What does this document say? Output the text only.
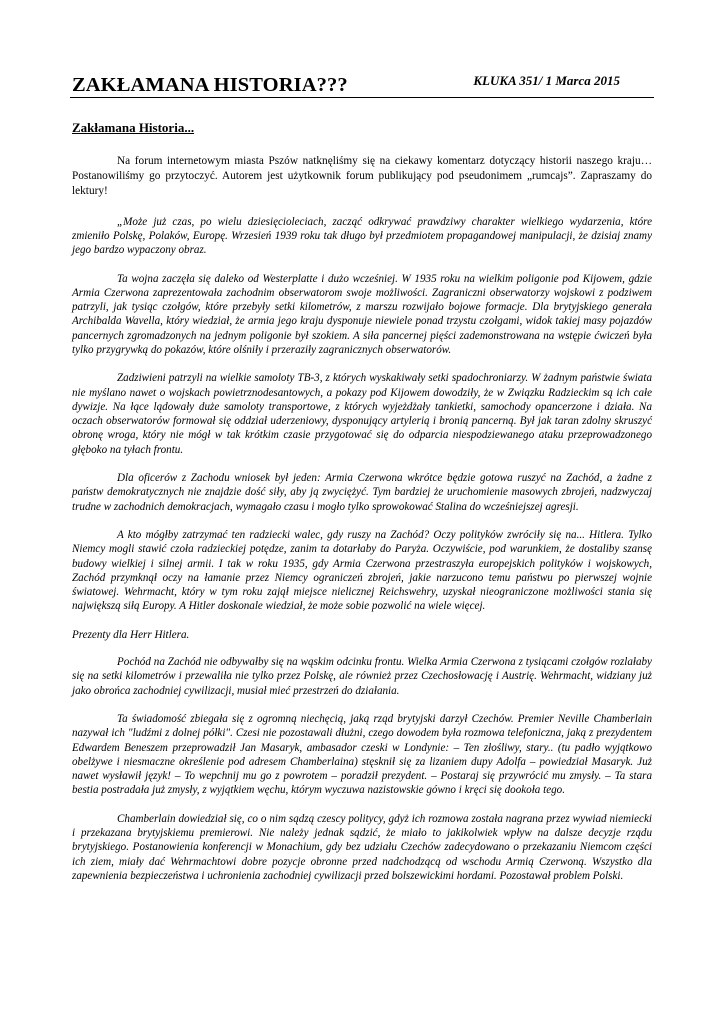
ZAKŁAMANA HISTORIA???	KLUKA 351/ 1 Marca 2015
Zakłamana Historia...

Na forum internetowym miasta Pszów natknęliśmy się na ciekawy komentarz dotyczący historii naszego kraju… Postanowiliśmy go przytoczyć. Autorem jest użytkownik forum publikujący pod pseudonimem „rumcajs”. Zapraszamy do lektury!

„Może już czas, po wielu dziesięcioleciach, zacząć odkrywać prawdziwy charakter wielkiego wydarzenia, które zmieniło Polskę, Polaków, Europę. Wrzesień 1939 roku tak długo był przedmiotem propagandowej manipulacji, że dzisiaj znamy jego bardzo wypaczony obraz.

Ta wojna zaczęła się daleko od Westerplatte i dużo wcześniej. W 1935 roku na wielkim poligonie pod Kijowem, gdzie Armia Czerwona zaprezentowała zachodnim obserwatorom swoje możliwości. Zagraniczni obserwatorzy wojskowi z podziwem patrzyli, jak tysiąc czołgów, które przebyły setki kilometrów, z marszu rozwijało bojowe formacje. Dla brytyjskiego generała Archibalda Wavella, który wiedział, że armia jego kraju dysponuje niewiele ponad trzystu czołgami, widok takiej masy pojazdów pancernych zgromadzonych na jednym poligonie był szokiem. A siła pancernej pięści zademonstrowana na wstępie ćwiczeń była tylko przygrywką do pokazów, które olśniły i przeraziły zagranicznych obserwatorów.

Zadziwieni patrzyli na wielkie samoloty TB-3, z których wyskakiwały setki spadochroniarzy. W żadnym państwie świata nie myślano nawet o wojskach powietrznodesantowych, a pokazy pod Kijowem dowodziły, że w Związku Radzieckim są ich całe dywizje. Na łące lądowały duże samoloty transportowe, z których wyjeżdżały tankietki, samochody opancerzone i działa. Na oczach obserwatorów formował się oddział uderzeniowy, dysponujący artylerią i bronią pancerną. Był jak taran zdolny skruszyć obronę wroga, który nie mógł w tak krótkim czasie przygotować się do odparcia niespodziewanego ataku przeprowadzonego głęboko na tyłach frontu.

Dla oficerów z Zachodu wniosek był jeden: Armia Czerwona wkrótce będzie gotowa ruszyć na Zachód, a żadne z państw demokratycznych nie znajdzie dość siły, aby ją zwyciężyć. Tym bardziej że uruchomienie masowych zbrojeń, nadzwyczaj trudne w zachodnich demokracjach, wymagało czasu i mogło tylko sprowokować Stalina do wcześniejszej agresji.

A kto mógłby zatrzymać ten radziecki walec, gdy ruszy na Zachód? Oczy polityków zwróciły się na... Hitlera. Tylko Niemcy mogli stawić czoła radzieckiej potędze, zanim ta dotarłaby do Paryża. Oczywiście, pod warunkiem, że dostaliby szansę budowy wielkiej i silnej armii. I tak w roku 1935, gdy Armia Czerwona przestraszyła europejskich polityków i wojskowych, Zachód przymknął oczy na łamanie przez Niemcy ograniczeń zbrojeń, jakie narzucono temu państwu po pierwszej wojnie światowej. Wehrmacht, który w tym roku zajął miejsce nielicznej Reichswehry, uzyskał nieograniczone możliwości stania się największą siłą Europy. A Hitler doskonale wiedział, że może sobie pozwolić na wiele więcej.

Prezenty dla Herr Hitlera.

Pochód na Zachód nie odbywałby się na wąskim odcinku frontu. Wielka Armia Czerwona z tysiącami czołgów rozlałaby się na setki kilometrów i przewaliła nie tylko przez Polskę, ale również przez Czechosłowację i Austrię. Wehrmacht, widziany już jako obrońca zachodniej cywilizacji, musiał mieć przestrzeń do działania.

Ta świadomość zbiegała się z ogromną niechęcią, jaką rząd brytyjski darzył Czechów. Premier Neville Chamberlain nazywał ich "ludźmi z dolnej półki". Czesi nie pozostawali dłużni, czego dowodem była rozmowa telefoniczna, jaką z prezydentem Edwardem Beneszem przeprowadził Jan Masaryk, ambasador czeski w Londynie: – Ten złośliwy, stary.. (tu padło wyjątkowo obelżywe i niesmaczne określenie pod adresem Chamberlaina) stęsknił się za lizaniem dupy Adolfa – powiedział Masaryk. Już nawet wysławił język! – To wepchnij mu go z powrotem – poradził prezydent. – Postaraj się przywrócić mu zmysły. – Ta stara bestia postradała już zmysły, z wyjątkiem węchu, którym wyczuwa nazistowskie gówno i kręci się dookoła tego.

Chamberlain dowiedział się, co o nim sądzą czescy politycy, gdyż ich rozmowa została nagrana przez wywiad niemiecki i przekazana brytyjskiemu premierowi. Nie należy jednak sądzić, że miało to jakikolwiek wpływ na dalsze decyzje rządu brytyjskiego. Postanowienia konferencji w Monachium, gdy bez udziału Czechów zadecydowano o przekazaniu Niemcom części ich ziem, miały dać Wehrmachtowi dobre pozycje obronne przed nadchodzącą od wschodu Armią Czerwoną. Wszystko dla zapewnienia bezpieczeństwa i uchronienia zachodniej cywilizacji przed bolszewickimi hordami. Pozostawał problem Polski.
